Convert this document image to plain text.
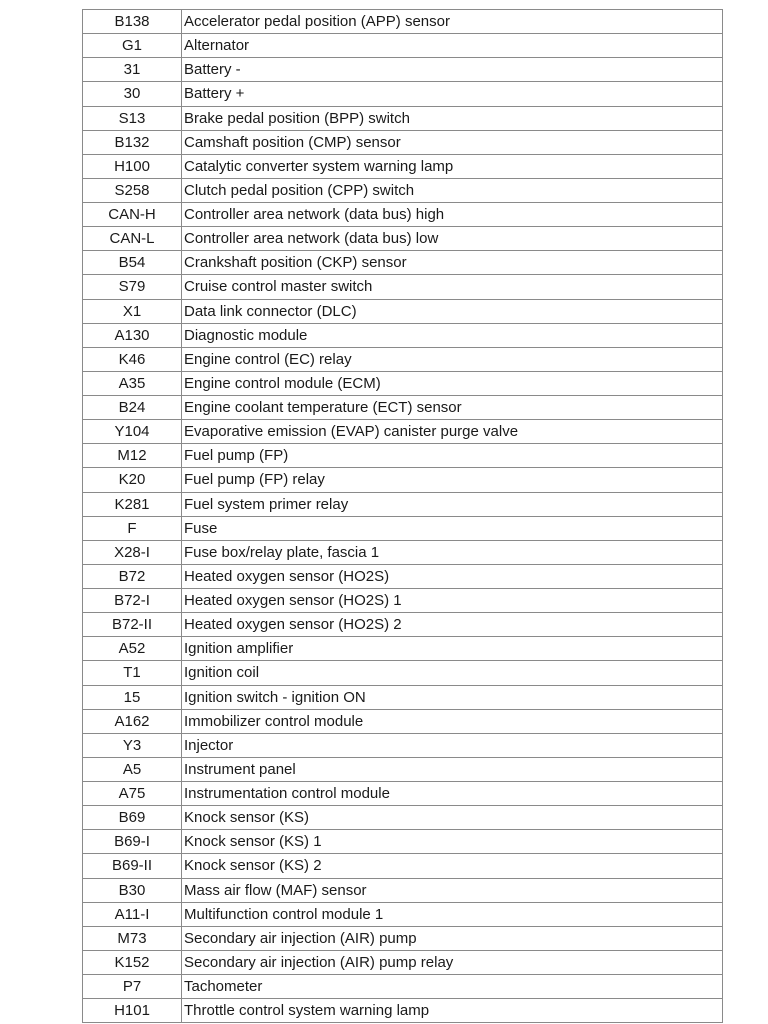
B138	Accelerator pedal position (APP) sensor
G1	Alternator
31	Battery -
30	Battery +
S13	Brake pedal position (BPP) switch
B132	Camshaft position (CMP) sensor
H100	Catalytic converter system warning lamp
S258	Clutch pedal position (CPP) switch
CAN-H	Controller area network (data bus) high
CAN-L	Controller area network (data bus) low
B54	Crankshaft position (CKP) sensor
S79	Cruise control master switch
X1	Data link connector (DLC)
A130	Diagnostic module
K46	Engine control (EC) relay
A35	Engine control module (ECM)
B24	Engine coolant temperature (ECT) sensor
Y104	Evaporative emission (EVAP) canister purge valve
M12	Fuel pump (FP)
K20	Fuel pump (FP) relay
K281	Fuel system primer relay
F	Fuse
X28-I	Fuse box/relay plate, fascia 1
B72	Heated oxygen sensor (HO2S)
B72-I	Heated oxygen sensor (HO2S) 1
B72-II	Heated oxygen sensor (HO2S) 2
A52	Ignition amplifier
T1	Ignition coil
15	Ignition switch - ignition ON
A162	Immobilizer control module
Y3	Injector
A5	Instrument panel
A75	Instrumentation control module
B69	Knock sensor (KS)
B69-I	Knock sensor (KS) 1
B69-II	Knock sensor (KS) 2
B30	Mass air flow (MAF) sensor
A11-I	Multifunction control module 1
M73	Secondary air injection (AIR) pump
K152	Secondary air injection (AIR) pump relay
P7	Tachometer
H101	Throttle control system warning lamp
